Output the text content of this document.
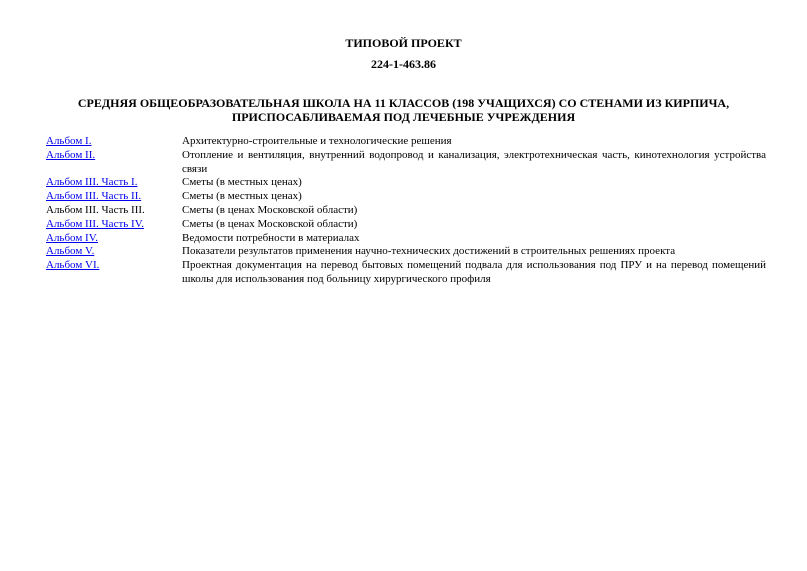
ТИПОВОЙ ПРОЕКТ
224-1-463.86
СРЕДНЯЯ ОБЩЕОБРАЗОВАТЕЛЬНАЯ ШКОЛА НА 11 КЛАССОВ (198 УЧАЩИХСЯ) СО СТЕНАМИ ИЗ КИРПИЧА,
ПРИСПОСАБЛИВАЕМАЯ ПОД ЛЕЧЕБНЫЕ УЧРЕЖДЕНИЯ
Альбом I.	Архитектурно-строительные и технологические решения
Альбом II.	Отопление и вентиляция, внутренний водопровод и канализация, электротехническая часть, кинотехнология устройства связи
Альбом III. Часть I.	Сметы (в местных ценах)
Альбом III. Часть II.	Сметы (в местных ценах)
Альбом III. Часть III.	Сметы (в ценах Московской области)
Альбом III. Часть IV.	Сметы (в ценах Московской области)
Альбом IV.	Ведомости потребности в материалах
Альбом V.	Показатели результатов применения научно-технических достижений в строительных решениях проекта
Альбом VI.	Проектная документация на перевод бытовых помещений подвала для использования под ПРУ и на перевод помещений школы для использования под больницу хирургического профиля
